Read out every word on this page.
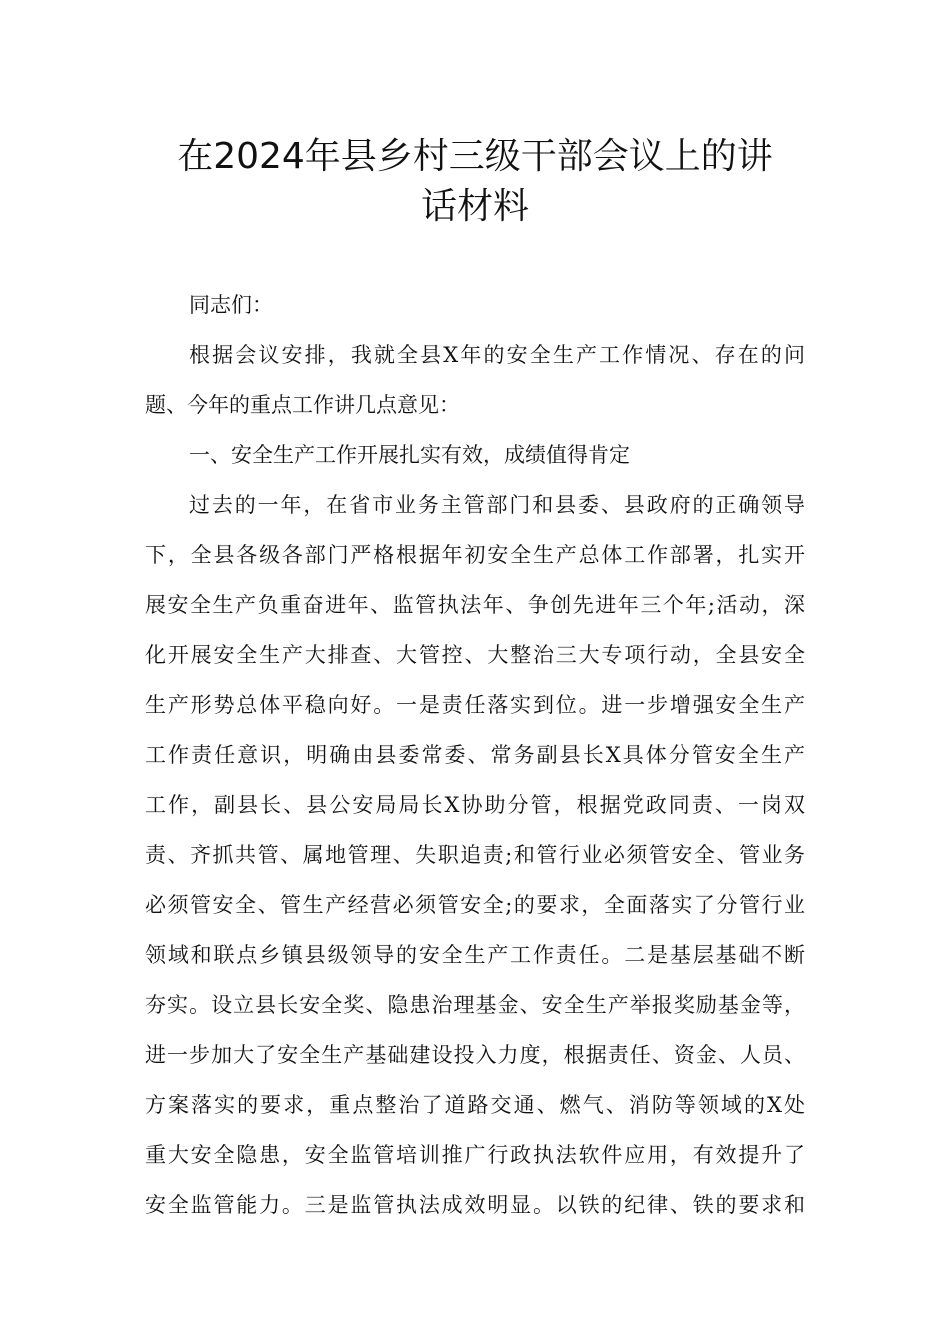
在2024年县乡村三级干部会议上的讲
话材料
同志们：
根据会议安排，我就全县X年的安全生产工作情况、存在的问
题、今年的重点工作讲几点意见：
一、安全生产工作开展扎实有效，成绩值得肯定
过去的一年，在省市业务主管部门和县委、县政府的正确领导
下，全县各级各部门严格根据年初安全生产总体工作部署，扎实开
展安全生产负重奋进年、监管执法年、争创先进年三个年;活动，深
化开展安全生产大排查、大管控、大整治三大专项行动，全县安全
生产形势总体平稳向好。一是责任落实到位。进一步增强安全生产
工作责任意识，明确由县委常委、常务副县长X具体分管安全生产
工作，副县长、县公安局局长X协助分管，根据党政同责、一岗双
责、齐抓共管、属地管理、失职追责;和管行业必须管安全、管业务
必须管安全、管生产经营必须管安全;的要求，全面落实了分管行业
领域和联点乡镇县级领导的安全生产工作责任。二是基层基础不断
夯实。设立县长安全奖、隐患治理基金、安全生产举报奖励基金等，
进一步加大了安全生产基础建设投入力度，根据责任、资金、人员、
方案落实的要求，重点整治了道路交通、燃气、消防等领域的X处
重大安全隐患，安全监管培训推广行政执法软件应用，有效提升了
安全监管能力。三是监管执法成效明显。以铁的纪律、铁的要求和
